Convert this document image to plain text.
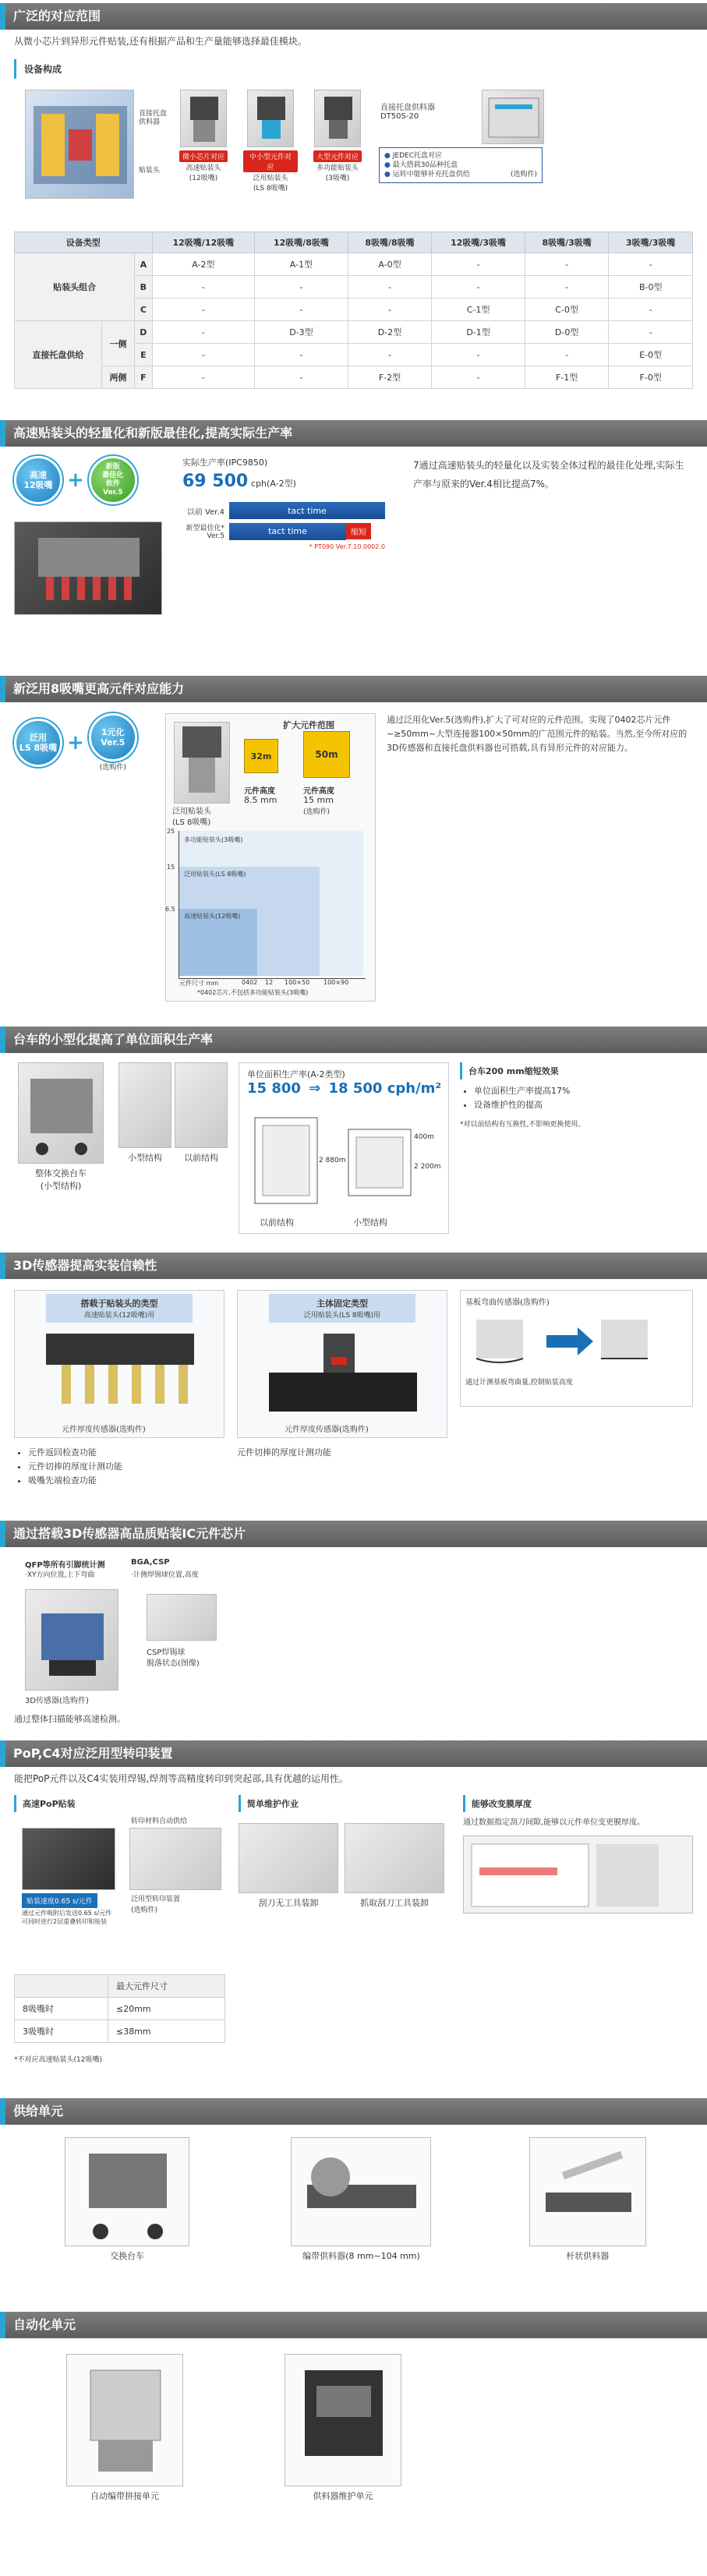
广泛的对应范围
从微小芯片到异形元件贴装,还有根据产品和生产量能够选择最佳模块。
设备构成
直接托盘供料器
贴装头
微小芯片对应
高速贴装头
(12吸嘴)
中小型元件对应
泛用贴装头
(LS 8吸嘴)
大型元件对应
多功能贴装头
(3吸嘴)
直接托盘供料器
DT50S-20
● JEDEC托盘对应
● 最大搭载30品种托盘
● 运转中能够补充托盘供给	(选购件)
设备类型			12吸嘴/12吸嘴	12吸嘴/8吸嘴	8吸嘴/8吸嘴	12吸嘴/3吸嘴	8吸嘴/3吸嘴	3吸嘴/3吸嘴
贴装头组合		A	A-2型	A-1型	A-0型	-	-	-
		B	-	-	-	-	-	B-0型
		C	-	-	-	C-1型	C-0型	-
直接托盘供给	一侧	D	-	D-3型	D-2型	D-1型	D-0型	-
		E	-	-	-	-	-	E-0型
	两侧	F	-	-	F-2型	-	F-1型	F-0型
高速贴装头的轻量化和新版最佳化,提高实际生产率
高速
12吸嘴 +
新版
最佳化
软件
Ver.5
实际生产率(IPC9850)
69 500 cph(A-2型)
以前 Ver.4	tact time
新型最佳化* Ver.5	tact time	缩短
* PT090 Ver.7.10.0002.0
7通过高速贴装头的轻量化以及实装全体过程的最佳化处理,实际生产率与原来的Ver.4相比提高7%。
新泛用8吸嘴更高元件对应能力
泛用
LS 8吸嘴 +	1元化
Ver.5
(选购件)
泛用贴装头
(LS 8吸嘴)
扩大元件范围
32m	50m
元件高度
8.5 mm
元件高度
15 mm
(选购件)
多功能贴装头(3吸嘴)
泛用贴装头(LS 8吸嘴)
高速贴装头(12吸嘴)
25
15
6.5
元件尺寸 mm	0402 12 100×50 100×90
*0402芯片,不包括多功能贴装头(3吸嘴)
通过泛用化Ver.5(选购件),扩大了可对应的元件范围。实现了0402芯片元件~≥50mm~大型连接器100×50mm的广范围元件的贴装。当然,至今所对应的3D传感器和直接托盘供料器也可搭载,具有异形元件的对应能力。
台车的小型化提高了单位面积生产率
整体交换台车
(小型结构)
小型结构	以前结构
单位面积生产率(A-2类型)
15 800 ⇒ 18 500 cph/m²
2 880m
2 200m
400m
以前结构	小型结构
台车200 mm缩短效果
• 单位面积生产率提高17%
• 设备维护性的提高
*对以前结构有互换性,不影响更换使用。
3D传感器提高实装信赖性
搭载于贴装头的类型
高速贴装头(12吸嘴)用
元件厚度传感器(选购件)
• 元件返回检查功能
• 元件切捧的厚度计测功能
• 吸嘴先端检查功能
主体固定类型
泛用贴装头(LS 8吸嘴)用
元件厚度传感器(选购件)
元件切捧的厚度计测功能
基板弯曲传感器(选购件)
通过计测基板弯曲量,控制贴装高度
通过搭载3D传感器高品质贴装IC元件芯片
QFP等所有引脚统计测
·XY方向位置,上下弯曲
BGA,CSP
·计测焊锡球位置,高度
CSP焊锡球
脱落状态(图像)
3D传感器(选购件)
通过整体扫描能够高速检测。
PoP,C4对应泛用型转印装置
能把PoP元件以及C4实装用焊锡,焊剂等高精度转印到突起部,具有优越的运用性。
高速PoP贴装
转印材料自动供给
贴装速度0.65 s/元件
通过元件吸附后发送0.65 s/元件
可同时进行2层重叠转印和贴装
泛用型转印装置
(选购件)
简单维护作业
刮刀无工具装卸	抓取刮刀工具装卸
能够改变膜厚度
通过数据指定刮刀间隙,能够以元件单位变更膜厚度。
	最大元件尺寸
8吸嘴时	≤20mm
3吸嘴时	≤38mm
*不对应高速贴装头(12吸嘴)
供给单元
交换台车	编带供料器(8 mm~104 mm)	杆状供料器
自动化单元
自动编带拼接单元	供料器维护单元
